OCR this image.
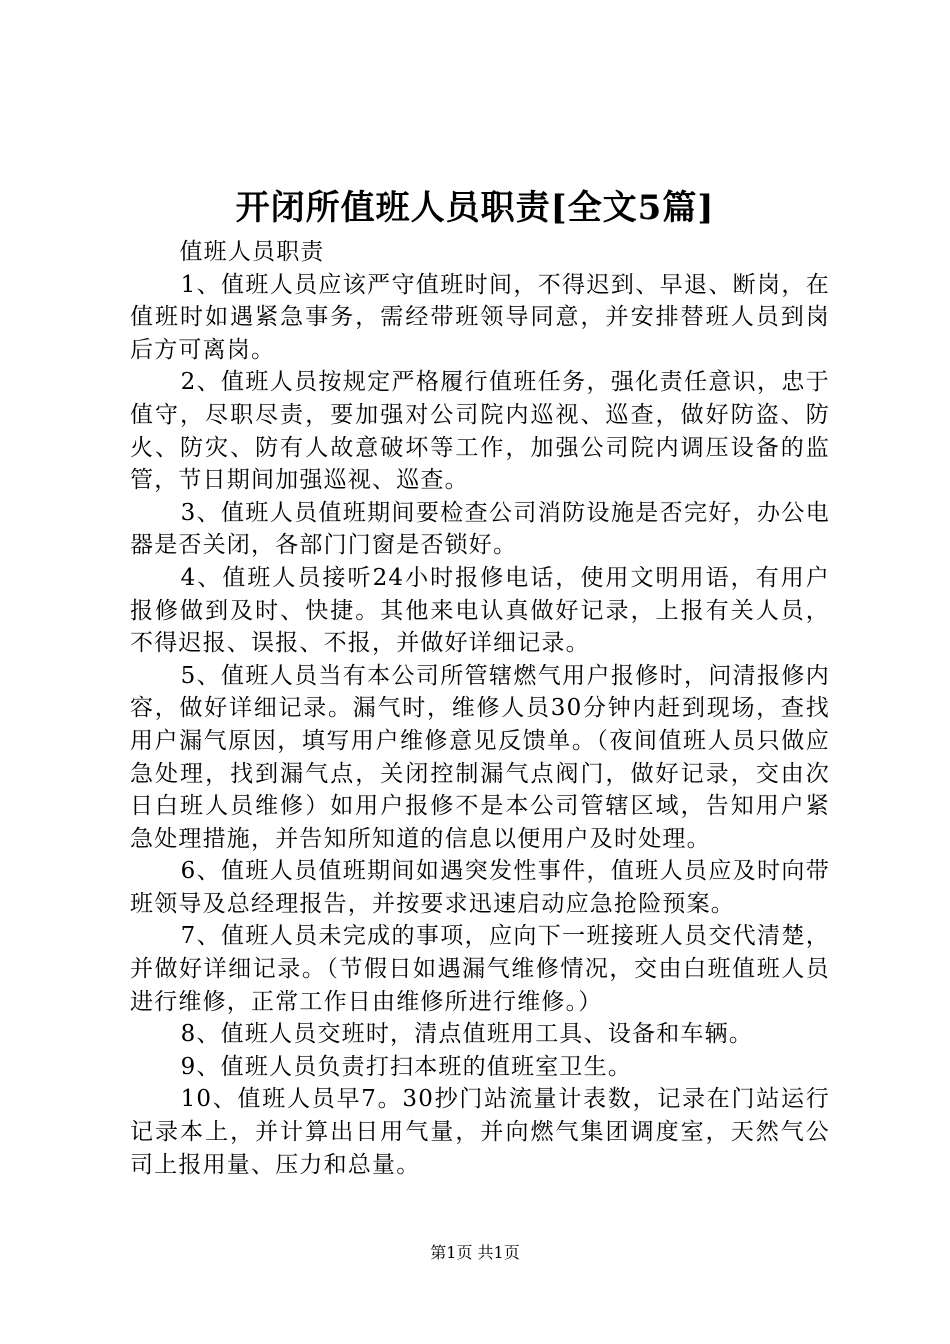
开闭所值班人员职责[全文5篇]

值班人员职责

1、值班人员应该严守值班时间，不得迟到、早退、断岗，在值班时如遇紧急事务，需经带班领导同意，并安排替班人员到岗后方可离岗。

2、值班人员按规定严格履行值班任务，强化责任意识，忠于值守，尽职尽责，要加强对公司院内巡视、巡查，做好防盗、防火、防灾、防有人故意破坏等工作，加强公司院内调压设备的监管，节日期间加强巡视、巡查。

3、值班人员值班期间要检查公司消防设施是否完好，办公电器是否关闭，各部门门窗是否锁好。

4、值班人员接听24小时报修电话，使用文明用语，有用户报修做到及时、快捷。其他来电认真做好记录，上报有关人员，不得迟报、误报、不报，并做好详细记录。

5、值班人员当有本公司所管辖燃气用户报修时，问清报修内容，做好详细记录。漏气时，维修人员30分钟内赶到现场，查找用户漏气原因，填写用户维修意见反馈单。（夜间值班人员只做应急处理，找到漏气点，关闭控制漏气点阀门，做好记录，交由次日白班人员维修）如用户报修不是本公司管辖区域，告知用户紧急处理措施，并告知所知道的信息以便用户及时处理。

6、值班人员值班期间如遇突发性事件，值班人员应及时向带班领导及总经理报告，并按要求迅速启动应急抢险预案。

7、值班人员未完成的事项，应向下一班接班人员交代清楚，并做好详细记录。（节假日如遇漏气维修情况，交由白班值班人员进行维修，正常工作日由维修所进行维修。）

8、值班人员交班时，清点值班用工具、设备和车辆。

9、值班人员负责打扫本班的值班室卫生。

10、值班人员早7。30抄门站流量计表数，记录在门站运行记录本上，并计算出日用气量，并向燃气集团调度室，天然气公司上报用量、压力和总量。

第1页 共1页
